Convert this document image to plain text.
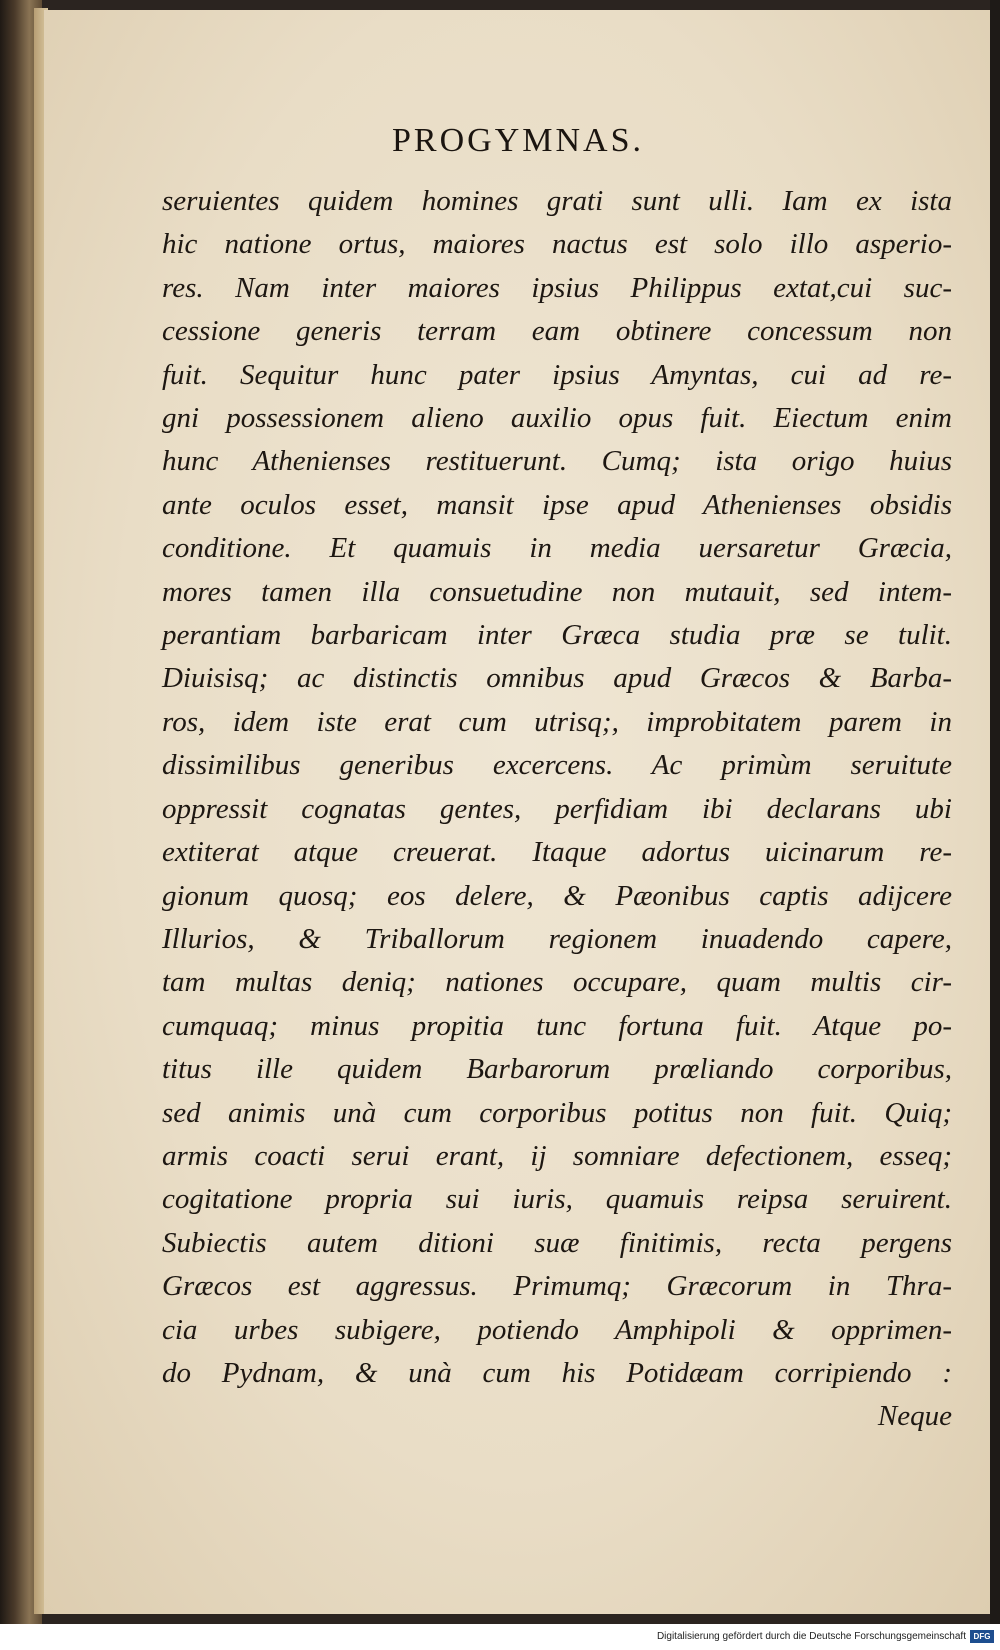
PROGYMNAS.
seruientes quidem homines grati sunt ulli. Iam ex ista
hic natione ortus, maiores nactus est solo illo asperio-
res. Nam inter maiores ipsius Philippus extat,cui suc-
cessione generis terram eam obtinere concessum non
fuit. Sequitur hunc pater ipsius Amyntas, cui ad re-
gni possessionem alieno auxilio opus fuit. Eiectum enim
hunc Athenienses restituerunt. Cumq; ista origo huius
ante oculos esset, mansit ipse apud Athenienses obsidis
conditione. Et quamuis in media uersaretur Græcia,
mores tamen illa consuetudine non mutauit, sed intem-
perantiam barbaricam inter Græca studia præ se tulit.
Diuisisq; ac distinctis omnibus apud Græcos & Barba-
ros, idem iste erat cum utrisq;, improbitatem parem in
dissimilibus generibus excercens. Ac primùm seruitute
oppressit cognatas gentes, perfidiam ibi declarans ubi
extiterat atque creuerat. Itaque adortus uicinarum re-
gionum quosq; eos delere, & Pæonibus captis adijcere
Illurios, & Triballorum regionem inuadendo capere,
tam multas deniq; nationes occupare, quam multis cir-
cumquaq; minus propitia tunc fortuna fuit. Atque po-
titus ille quidem Barbarorum prœliando corporibus,
sed animis unà cum corporibus potitus non fuit. Quiq;
armis coacti serui erant, ij somniare defectionem, esseq;
cogitatione propria sui iuris, quamuis reipsa seruirent.
Subiectis autem ditioni suæ finitimis, recta pergens
Græcos est aggressus. Primumq; Græcorum in Thra-
cia urbes subigere, potiendo Amphipoli & opprimen-
do Pydnam, & unà cum his Potidæam corripiendo :
Neque
Digitalisierung gefördert durch die Deutsche Forschungsgemeinschaft DFG
